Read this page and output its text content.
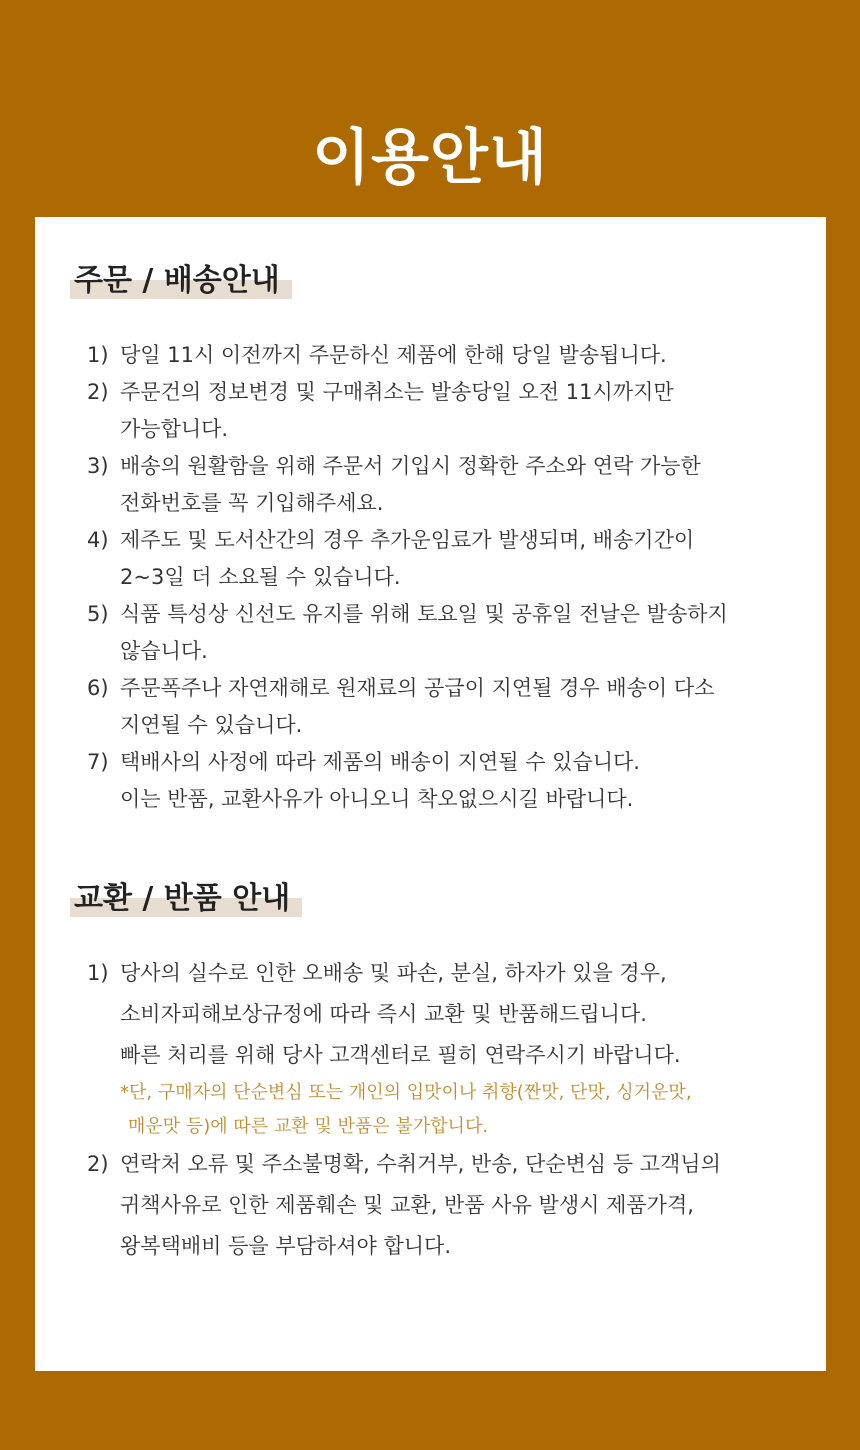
이용안내
주문 / 배송안내
1) 당일 11시 이전까지 주문하신 제품에 한해 당일 발송됩니다.
2) 주문건의 정보변경 및 구매취소는 발송당일 오전 11시까지만
가능합니다.
3) 배송의 원활함을 위해 주문서 기입시 정확한 주소와 연락 가능한
전화번호를 꼭 기입해주세요.
4) 제주도 및 도서산간의 경우 추가운임료가 발생되며, 배송기간이
2~3일 더 소요될 수 있습니다.
5) 식품 특성상 신선도 유지를 위해 토요일 및 공휴일 전날은 발송하지
않습니다.
6) 주문폭주나 자연재해로 원재료의 공급이 지연될 경우 배송이 다소
지연될 수 있습니다.
7) 택배사의 사정에 따라 제품의 배송이 지연될 수 있습니다.
이는 반품, 교환사유가 아니오니 착오없으시길 바랍니다.
교환 / 반품 안내
1) 당사의 실수로 인한 오배송 및 파손, 분실, 하자가 있을 경우,
소비자피해보상규정에 따라 즉시 교환 및 반품해드립니다.
빠른 처리를 위해 당사 고객센터로 필히 연락주시기 바랍니다.
*단, 구매자의 단순변심 또는 개인의 입맛이나 취향(짠맛, 단맛, 싱거운맛,
매운맛 등)에 따른 교환 및 반품은 불가합니다.
2) 연락처 오류 및 주소불명확, 수취거부, 반송, 단순변심 등 고객님의
귀책사유로 인한 제품훼손 및 교환, 반품 사유 발생시 제품가격,
왕복택배비 등을 부담하셔야 합니다.
